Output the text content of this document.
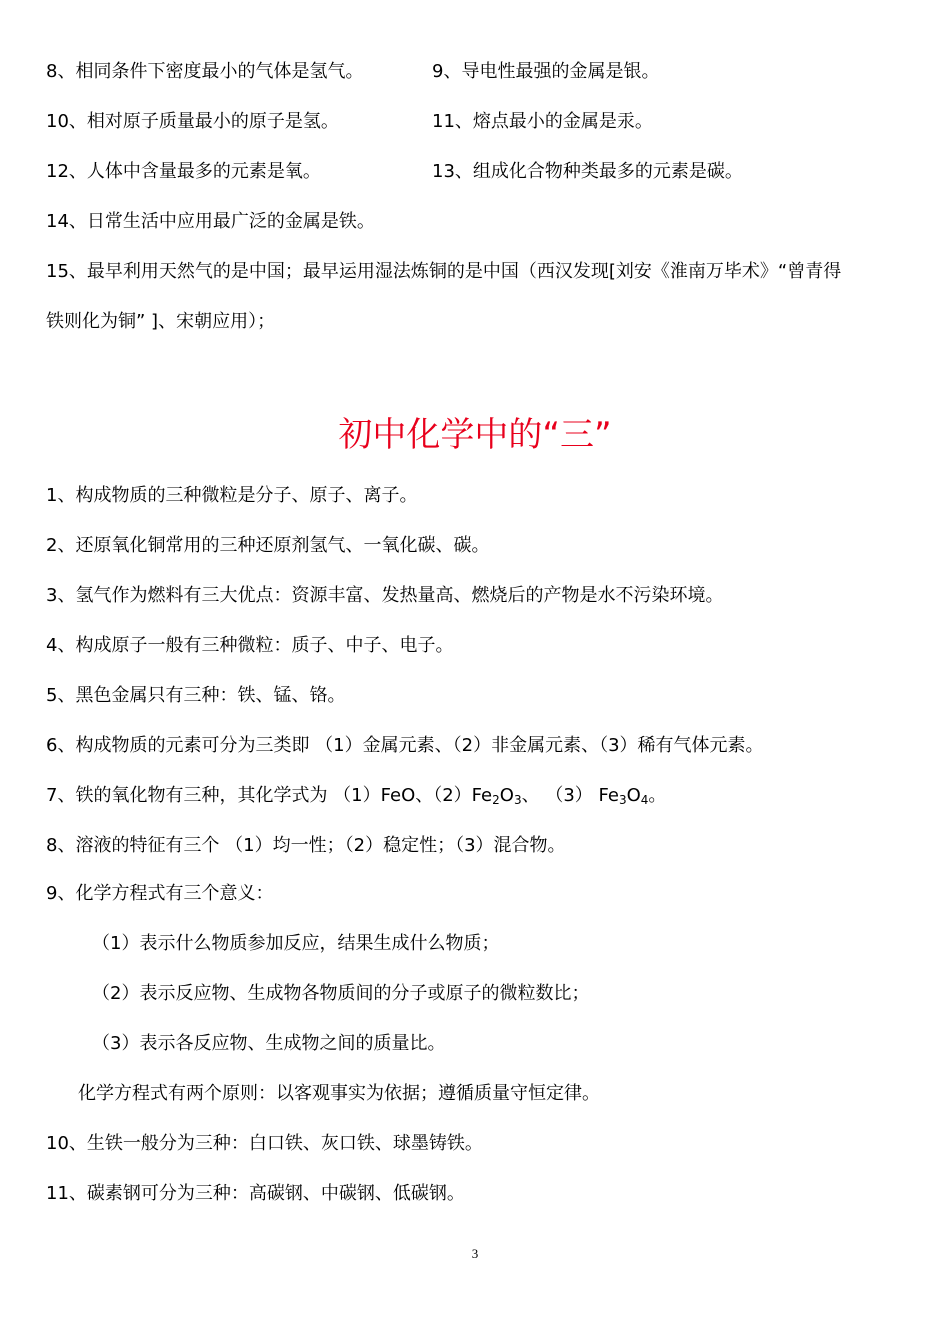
8、相同条件下密度最小的气体是氢气。	9、导电性最强的金属是银。
10、相对原子质量最小的原子是氢。	11、熔点最小的金属是汞。
12、人体中含量最多的元素是氧。	13、组成化合物种类最多的元素是碳。
14、日常生活中应用最广泛的金属是铁。
15、最早利用天然气的是中国；最早运用湿法炼铜的是中国（西汉发现[刘安《淮南万毕术》“曾青得
铁则化为铜” ]、宋朝应用）；
初中化学中的“三”
1、构成物质的三种微粒是分子、原子、离子。
2、还原氧化铜常用的三种还原剂氢气、一氧化碳、碳。
3、氢气作为燃料有三大优点：资源丰富、发热量高、燃烧后的产物是水不污染环境。
4、构成原子一般有三种微粒：质子、中子、电子。
5、黑色金属只有三种：铁、锰、铬。
6、构成物质的元素可分为三类即 （1）金属元素、（2）非金属元素、（3）稀有气体元素。
7、铁的氧化物有三种，其化学式为 （1）FeO、$(2)Fe_2O_3$、 （3） $Fe_3O_4$。
8、溶液的特征有三个 （1）均一性；（2）稳定性；（3）混合物。
9、化学方程式有三个意义：
（1）表示什么物质参加反应，结果生成什么物质；
（2）表示反应物、生成物各物质间的分子或原子的微粒数比；
（3）表示各反应物、生成物之间的质量比。
化学方程式有两个原则：以客观事实为依据；遵循质量守恒定律。
10、生铁一般分为三种：白口铁、灰口铁、球墨铸铁。
11、碳素钢可分为三种：高碳钢、中碳钢、低碳钢。
3
